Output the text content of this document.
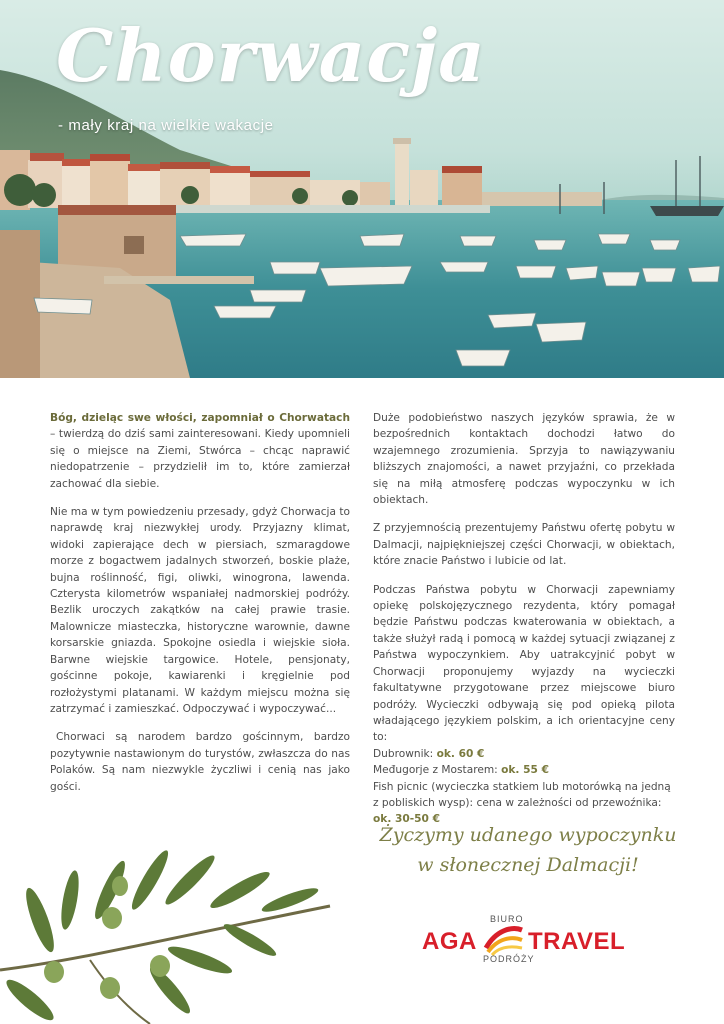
Chorwacja
- mały kraj na wielkie wakacje

Bóg, dzieląc swe włości, zapomniał o Chorwatach – twierdzą do dziś sami zainteresowani. Kiedy upomnieli się o miejsce na Ziemi, Stwórca – chcąc naprawić niedopatrzenie – przydzielił im to, które zamierzał zachować dla siebie.

Nie ma w tym powiedzeniu przesady, gdyż Chorwacja to naprawdę kraj niezwykłej urody. Przyjazny klimat, widoki zapierające dech w piersiach, szmaragdowe morze z bogactwem jadalnych stworzeń, boskie plaże, bujna roślinność, figi, oliwki, winogrona, lawenda. Czterysta kilometrów wspaniałej nadmorskiej podróży. Bezlik uroczych zakątków na całej prawie trasie. Malownicze miasteczka, historyczne warownie, dawne korsarskie gniazda. Spokojne osiedla i wiejskie sioła. Barwne wiejskie targowice. Hotele, pensjonaty, gościnne pokoje, kawiarenki i kręgielnie pod rozłożystymi platanami. W każdym miejscu można się zatrzymać i zamieszkać. Odpoczywać i wypoczywać...

Chorwaci są narodem bardzo gościnnym, bardzo pozytywnie nastawionym do turystów, zwłaszcza do nas Polaków. Są nam niezwykle życzliwi i cenią nas jako gości.

Duże podobieństwo naszych języków sprawia, że w bezpośrednich kontaktach dochodzi łatwo do wzajemnego zrozumienia. Sprzyja to nawiązywaniu bliższych znajomości, a nawet przyjaźni, co przekłada się na miłą atmosferę podczas wypoczynku w ich obiektach.

Z przyjemnością prezentujemy Państwu ofertę pobytu w Dalmacji, najpiękniejszej części Chorwacji, w obiektach, które znacie Państwo i lubicie od lat.

Podczas Państwa pobytu w Chorwacji zapewniamy opiekę polskojęzycznego rezydenta, który pomagał będzie Państwu podczas kwaterowania w obiektach, a także służył radą i pomocą w każdej sytuacji związanej z Państwa wypoczynkiem. Aby uatrakcyjnić pobyt w Chorwacji proponujemy wyjazdy na wycieczki fakultatywne przygotowane przez miejscowe biuro podróży. Wycieczki odbywają się pod opieką pilota władającego językiem polskim, a ich orientacyjne ceny to:

Dubrownik: ok. 60 €
Međugorje z Mostarem: ok. 55 €
Fish picnic (wycieczka statkiem lub motorówką na jedną z pobliskich wysp): cena w zależności od przewoźnika: ok. 30-50 €

Życzymy udanego wypoczynku
w słonecznej Dalmacji!

BIURO
AGA TRAVEL
PODRÓŻY
